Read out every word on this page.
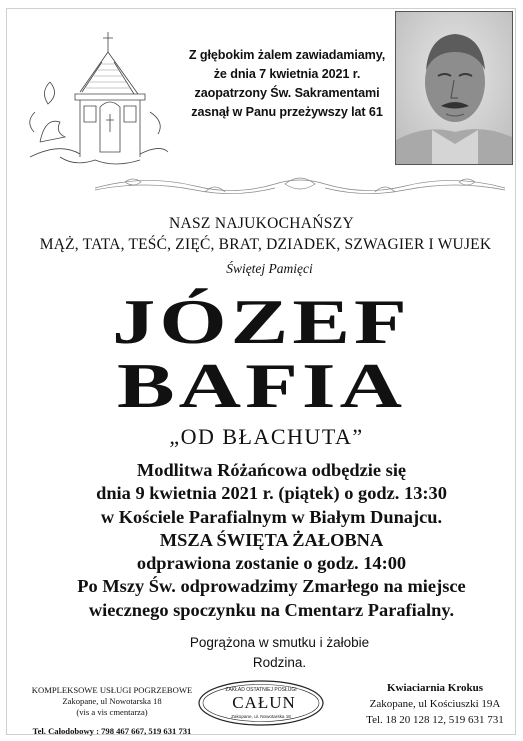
Z głębokim żalem zawiadamiamy,
że dnia 7 kwietnia 2021 r.
zaopatrzony Św. Sakramentami
zasnął w Panu przeżywszy lat 61
NASZ NAJUKOCHAŃSZY
MĄŻ, TATA, TEŚĆ, ZIĘĆ, BRAT, DZIADEK, SZWAGIER I WUJEK
Świętej Pamięci
JÓZEF
BAFIA
„OD BŁACHUTA”
Modlitwa Różańcowa odbędzie się
dnia 9 kwietnia 2021 r. (piątek) o godz. 13:30
w Kościele Parafialnym w Białym Dunajcu.
MSZA ŚWIĘTA ŻAŁOBNA
odprawiona zostanie o godz. 14:00
Po Mszy Św. odprowadzimy Zmarłego na miejsce
wiecznego spoczynku na Cmentarz Parafialny.
Pogrążona w smutku i żałobie
Rodzina.
KOMPLEKSOWE USŁUGI POGRZEBOWE
Zakopane, ul Nowotarska 18
(vis a vis cmentarza)
Tel. Całodobowy : 798 467 667, 519 631 731
ZAKŁAD OSTATNIEJ POSŁUGI
CAŁUN
Zakopane, ul. Nowotarska 18
Kwiaciarnia Krokus
Zakopane, ul Kościuszki 19A
Tel. 18 20 128 12, 519 631 731
